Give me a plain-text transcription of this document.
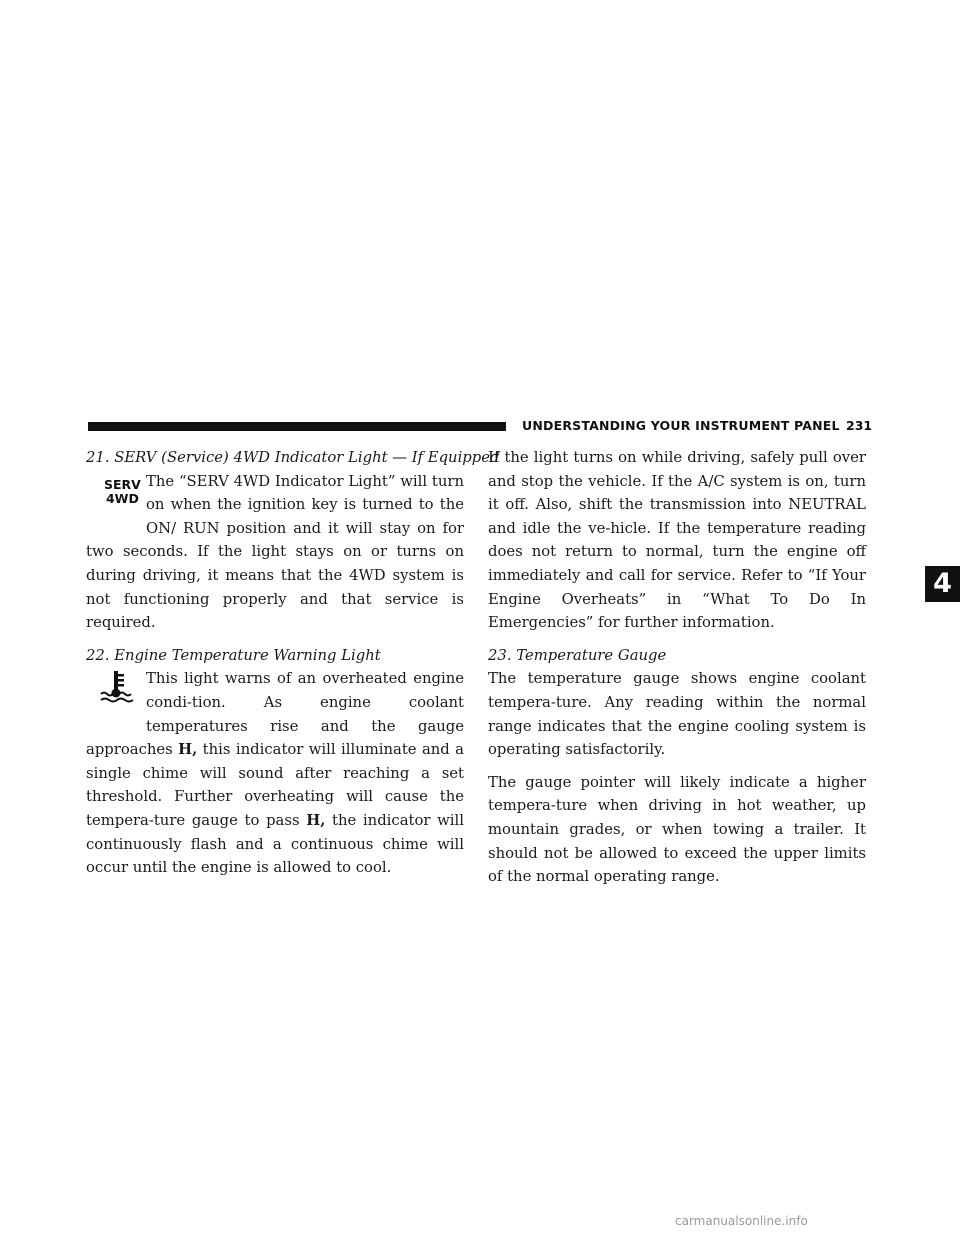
UNDERSTANDING YOUR INSTRUMENT PANEL 231
4

21. SERV (Service) 4WD Indicator Light — If Equipped

SERV
4WD

The “SERV 4WD Indicator Light” will turn on when the ignition key is turned to the ON/ RUN position and it will stay on for two seconds. If the light stays on or turns on during driving, it means that the 4WD system is not functioning properly and that service is required.

22. Engine Temperature Warning Light

This light warns of an overheated engine condi-tion. As engine coolant temperatures rise and the gauge approaches H, this indicator will illuminate and a single chime will sound after reaching a set threshold. Further overheating will cause the tempera-ture gauge to pass H, the indicator will continuously flash and a continuous chime will occur until the engine is allowed to cool.

If the light turns on while driving, safely pull over and stop the vehicle. If the A/C system is on, turn it off. Also, shift the transmission into NEUTRAL and idle the ve-hicle. If the temperature reading does not return to normal, turn the engine off immediately and call for service. Refer to “If Your Engine Overheats” in “What To Do In Emergencies” for further information.

23. Temperature Gauge

The temperature gauge shows engine coolant tempera-ture. Any reading within the normal range indicates that the engine cooling system is operating satisfactorily.

The gauge pointer will likely indicate a higher tempera-ture when driving in hot weather, up mountain grades, or when towing a trailer. It should not be allowed to exceed the upper limits of the normal operating range.

carmanualsonline.info
